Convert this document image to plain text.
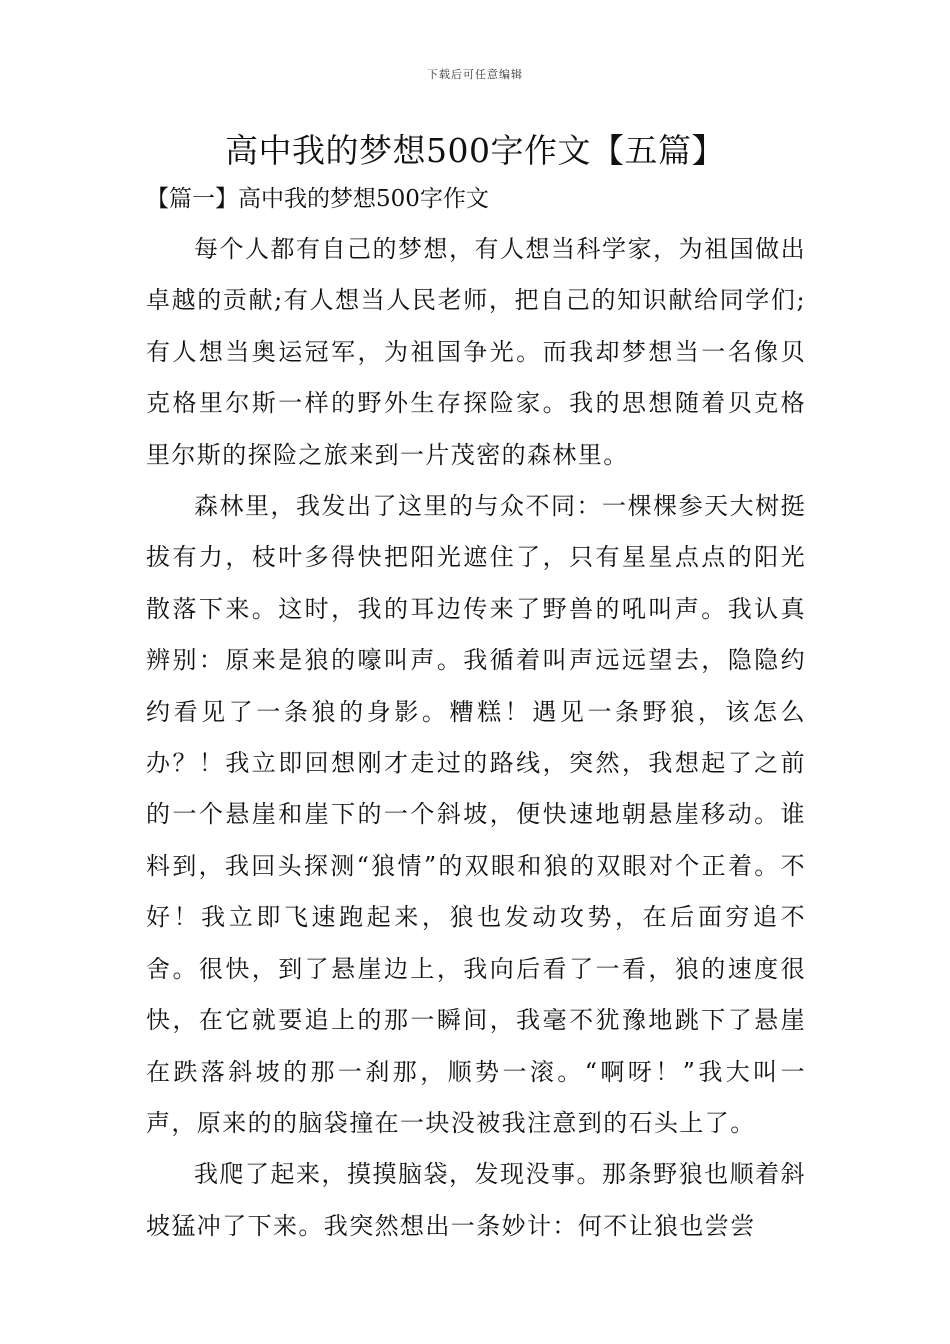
下载后可任意编辑
高中我的梦想500字作文【五篇】
【篇一】高中我的梦想500字作文

每个人都有自己的梦想，有人想当科学家，为祖国做出卓越的贡献;有人想当人民老师，把自己的知识献给同学们;有人想当奥运冠军，为祖国争光。而我却梦想当一名像贝克格里尔斯一样的野外生存探险家。我的思想随着贝克格里尔斯的探险之旅来到一片茂密的森林里。

森林里，我发出了这里的与众不同：一棵棵参天大树挺拔有力，枝叶多得快把阳光遮住了，只有星星点点的阳光散落下来。这时，我的耳边传来了野兽的吼叫声。我认真辨别：原来是狼的嚎叫声。我循着叫声远远望去，隐隐约约看见了一条狼的身影。糟糕！遇见一条野狼，该怎么办？！我立即回想刚才走过的路线，突然，我想起了之前的一个悬崖和崖下的一个斜坡，便快速地朝悬崖移动。谁料到，我回头探测“狼情”的双眼和狼的双眼对个正着。不好！我立即飞速跑起来，狼也发动攻势，在后面穷追不舍。很快，到了悬崖边上，我向后看了一看，狼的速度很快，在它就要追上的那一瞬间，我毫不犹豫地跳下了悬崖在跌落斜坡的那一刹那，顺势一滚。“啊呀！”我大叫一声，原来的的脑袋撞在一块没被我注意到的石头上了。

我爬了起来，摸摸脑袋，发现没事。那条野狼也顺着斜坡猛冲了下来。我突然想出一条妙计：何不让狼也尝尝
